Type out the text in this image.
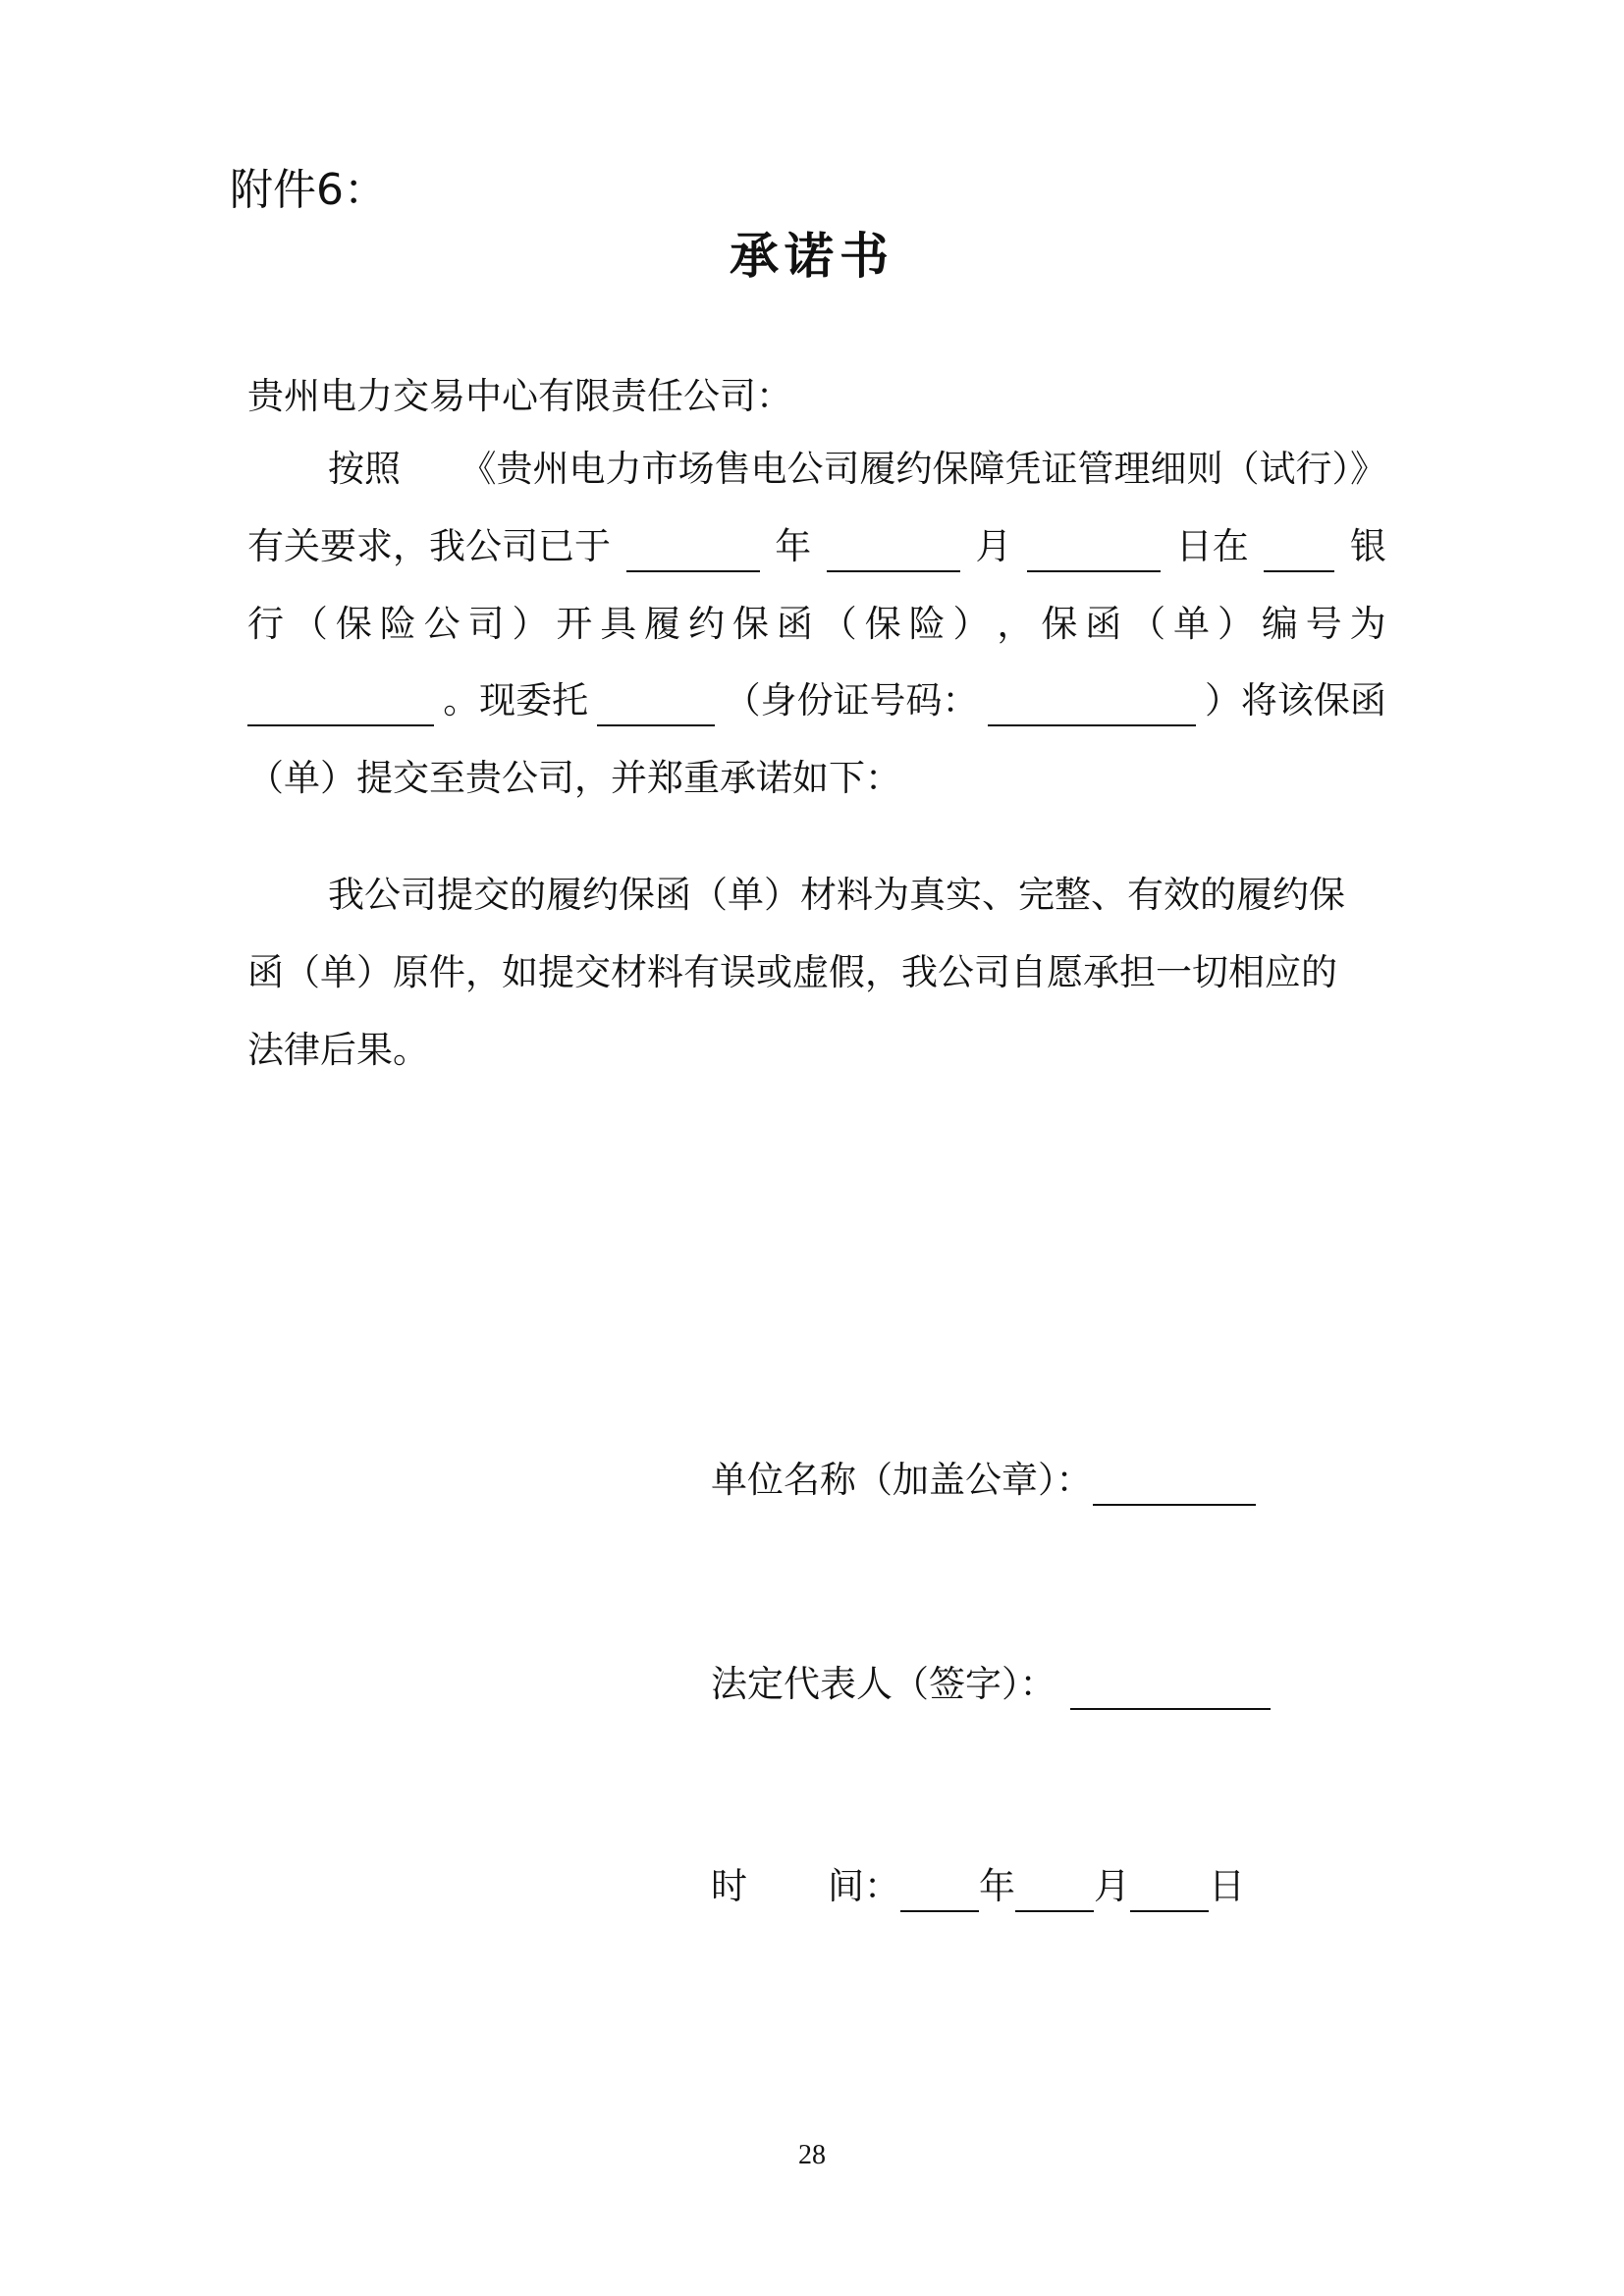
附件6：
承诺书
贵州电力交易中心有限责任公司：
按照 《贵州电力市场售电公司履约保障凭证管理细则（试行）》
有关要求，我公司已于	年	月	日在	银
行 （ 保 险 公 司 ） 开 具 履 约 保 函 （ 保 险 ） ， 保 函 （ 单 ） 编 号 为
。现委托	（身份证号码：	）将该保函
（单）提交至贵公司，并郑重承诺如下：
我公司提交的履约保函（单）材料为真实、完整、有效的履约保
函（单）原件，如提交材料有误或虚假，我公司自愿承担一切相应的
法律后果。
单位名称（加盖公章）：
法定代表人（签字）：
时 间： 年 月 日
28
